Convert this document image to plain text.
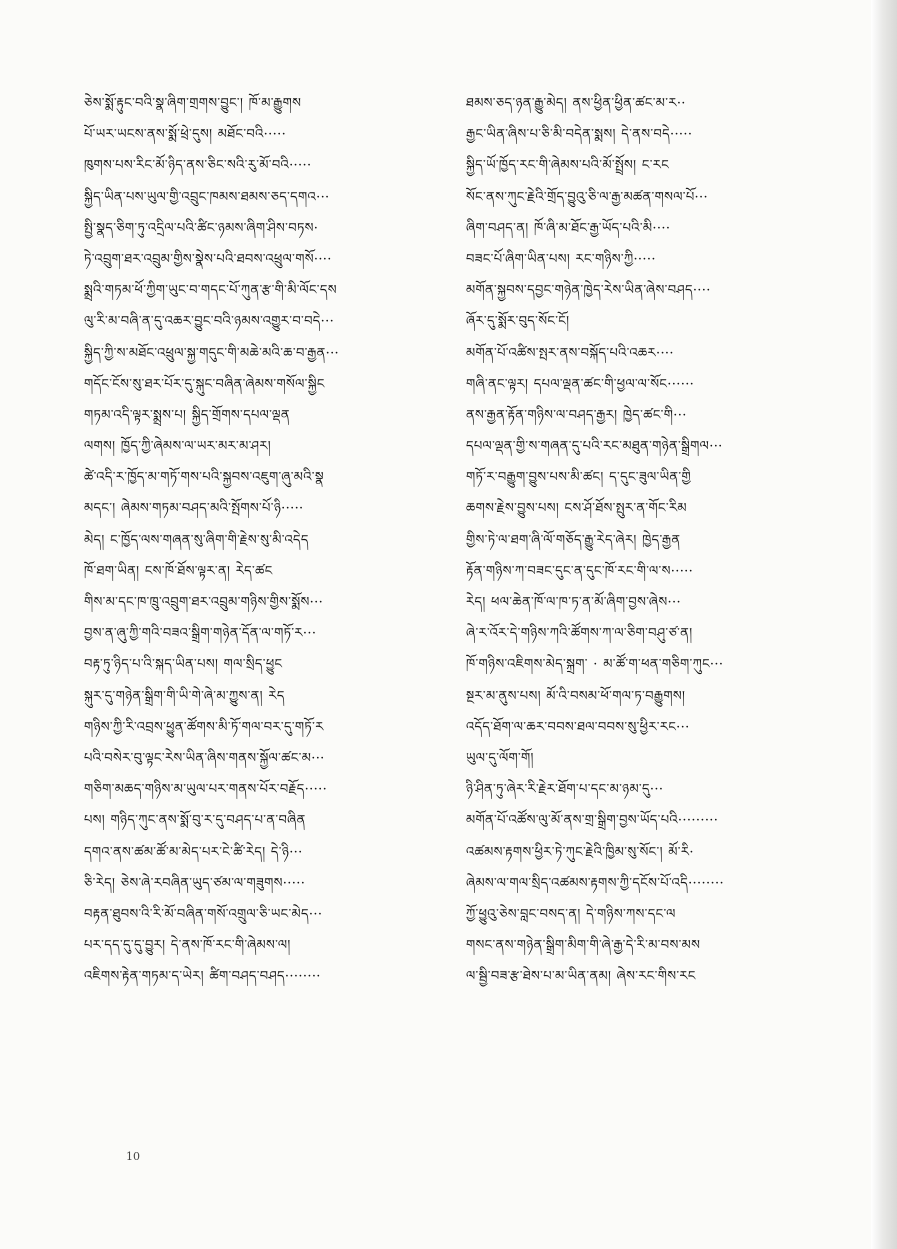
ཅེས་སྨོ་རྟུང་བའི་སྣ་ཞིག་གྲགས་བྱུང་། ཁོ་མ་རྒྱུགས
པོ་ཡར་ཡངས་ནས་སྨོ་ཕྲེ་དུས། མཐོང་བའི·····
ཁུགས་པས་རིང་མོ་ཉིད་ནས་ཅིང་སའི་རུ་མོ་བའི·····
སྐྱིད་ཡིན་པས་ཡུལ་གྱི་འབྲུང་ཁམས་ཐམས་ཅད་དགའ···
སྤྱི་སྣད་ཅིག་ཏུ་འདྲིལ་པའི་ཚིང་ཉམས་ཞིག་ཤིས་བཏས·
ཏེ་འབྲུག་ཐར་འབྲུམ་གྱིས་སྣེས་པའི་ཐབས་འཕྲུལ་གསོ····
སྨྲའི་གཏམ་ཕོ་ཀྱིག་ཡུང་བ་གདང་པོ་ཀུན་རྩ་གི་མི་ལོང་དས
ལུ་རི་མ་བཞི་ན་དུ་འཆར་བྱུང་བའི་ཉམས་འགྱུར་བ་བདེ···
སྐྱིད་ཀྱི་ས་མཐོང་འཕྲུལ་སྐྱ་གདུང་གི་མཆེ་མའི་ཆ་བ་རྒྱན···
གདོང་ངོས་སུ་ཐར་པོར་དུ་སྐུང་བཞིན་ཞེམས་གསོལ་སྐྱིང
གཏམ་འདི་ལྟར་སྨྲས་པ། སྐྱིད་གྲོགས་དཔལ་ལྡན
ལགས། ཁྱོད་ཀྱི་ཞེམས་ལ་ཡར་མར་མ་ཤར།
ཚེ་འདི་ར་ཁྱོད་མ་གཏོ་གས་པའི་སྐྱབས་འཇུག་ཞུ་མའི་སྣ
མདང་། ཞེམས་གཏམ་བཤད་མའི་སྤོགས་པོ་ཉི·····
མེད། ང་ཁྱོད་ལས་གཞན་སུ་ཞིག་གི་རྗེས་སུ་མི་འདེད
ཁོ་ཐག་ཡིན། ངས་ཁོ་ཐོས་ལྟར་ན། རེད་ཚང
གིས་མ་དང་ཁ་ཁྲུ་འབྲུག་ཐར་འབྲུམ་གཉིས་གྱིས་སྨོས···
བྱས་ན་ཞུ་ཀྱི་གའི་བཟའ་སྒྲིག་གཉེན་དོན་ལ་གཏོ་ར···
བརྟ་ཏུ་ཉིད་པ་འི་སྐད་ཡིན་པས། གལ་སྲིད་ཕྱུང
སྐུར་དུ་གཉེན་སྒྲིག་གི་ཡི་གེ་ཞེ་མ་ཀྱུས་ན། རེད
གཉིས་ཀྱི་རི་འབྲས་ཕྱུན་ཚོགས་མི་ཏོ་གལ་བར་དུ་གཏོ་ར
པའི་བསེར་བུ་ལྟང་རེས་ཡིན་ཞིས་གནས་སྐྱོལ་ཚང་མ···
གཅིག་མཆད་གཉིས་མ་ཡུལ་པར་གནས་པོར་བརྗོད·····
པས། གཉིད་ཀུང་ནས་སྨོ་བུ་ར་དུ་བཤད་པ་ན་བཞིན
དགའ་ནས་ཚམ་ཚོ་མ་མེད་པར་ངེ་ཚི་རེད། དེ་ཉི···
ཅི་རེད། ཅེས་ཞེ་རབཞིན་ཡུད་ཙམ་ལ་གཟུགས·····
བརྟན་ཐུབས་འི་རི་མོ་བཞིན་གསོ་འགྲུལ་ཅི་ཡང་མེད···
པར་དད་དུ་དུ་བྱུར། དེ་ནས་ཁོ་རང་གི་ཞེམས་ལ།
འཇིགས་རྟེན་གཏམ་ད་ཡེར། ཚིག་བཤད་བཤད········
ཐམས་ཅད་ཉན་རྒྱུ་མེད། ནས་ཕྱིན་ཕྱིན་ཚང་མ་ར··
རྒྱང་ཡིན་ཞིས་པ་ཅི་མི་བདེན་སྨས། དེ་ནས་བདེ·····
སྐྱིད་ཡོ་ཁྱོད་རང་གི་ཞེམས་པའི་མོ་སྤྲོས། ང་རང
སོང་ནས་ཀུང་རྗེའི་གྲོད་བྱུའུ་ཅི་ལ་རྒྱ་མཚན་གསལ་པོ···
ཞིག་བཤད་ན། ཁོ་ཞི་མ་ཐོང་རྒྱ་ཡོད་པའི་མི····
བཟང་པོ་ཞིག་ཡིན་པས། རང་གཉིས་ཀྱི·····
མགོན་སྐྱབས་དབྱང་གཉེན་ཁྱེད་རེས་ཡིན་ཞེས་བཤད····
ཞོར་དུ་སྨོར་བུད་སོང་ངོ།
མགོན་པོ་འཚིས་སྤར་ནས་བསྐོད་པའི་འཆར····
གཞི་ནང་ལྟར། དཔལ་ལྡན་ཚང་གི་ཕྱལ་ལ་སོང······
ནས་རྒྱན་རྟོན་གཉིས་ལ་བཤད་རྒྱར། ཁྱེད་ཚང་གི···
དཔལ་ལྡན་གྱི་ས་གཞན་དུ་པའི་རང་མཐུན་གཉེན་སྒྲིགལ···
གཏོ་ར་བརྒྱུག་བྱུས་པས་མི་ཚང། ད་དུང་ཟུལ་ཡིན་གྱི
ཆགས་རྗེས་བྱུས་པས། ངས་ཤོ་ཐོས་སྤུར་ན་གོང་རིམ
གྱིས་ཏེ་ལ་ཐག་ཞི་ལོ་གཅོད་རྒྱུ་རེད་ཞེར། ཁྱེད་རྒྱན
རྟོན་གཉིས་ཀ་བཟང་དུང་ན་དུང་ཁོ་རང་གི་ལ་ས·····
རེད། ཕལ་ཆེན་ཁོ་ལ་ཁ་ཏ་ན་མོ་ཞིག་བྱས་ཞེས···
ཞེ་ར་འོར་དེ་གཉིས་ཀའི་ཚོགས་ཀ་ལ་ཅིག་བཤུ་ཙ་ན།
ཁོ་གཉིས་འཇིགས་མེད་སྐྲག་ · མ་ཚོ་ག་ཕན་གཅིག་ཀུང···
སྔར་མ་ནུས་པས། མོ་འི་བསམ་ཕོ་གལ་ཏ་བརྒྱུགས།
འདོད་ཐོག་ལ་ཆར་བབས་ཐལ་བབས་སུ་ཕྱིར་རང···
ཡུལ་དུ་ལོག་གོ།
ཉི་ཤིན་ཏུ་ཞེར་རི་རྗེར་ཐོག་པ་དང་མ་ཉམ་དུ···
མགོན་པོ་འཚོས་ལུ་མོ་ནས་གྲ་སྒྲིག་བྱས་ཡོད་པའི·········
འཚམས་རྟགས་ཕྱིར་ཏེ་ཀུང་རྗེའི་ཁྱིམ་སུ་སོང་། མོ་རི·
ཞེམས་ལ་གལ་སྲིད་འཚམས་རྟགས་ཀྱི་དངོས་པོ་འདི········
ཀྱོ་ཕྱུའུ་ཅེས་བླང་བསད་ན། དེ་གཉིས་ཀས་དང་ལ
གསང་ནས་གཉེན་སྒྲིག་མིག་གི་ཞེ་རྒྱ་དེ་རི་མ་བས་མས
ལ་སྦྱི་བཟ་རྩ་ཐེས་པ་མ་ཡིན་ནམ། ཞེས་རང་གིས་རང
10
